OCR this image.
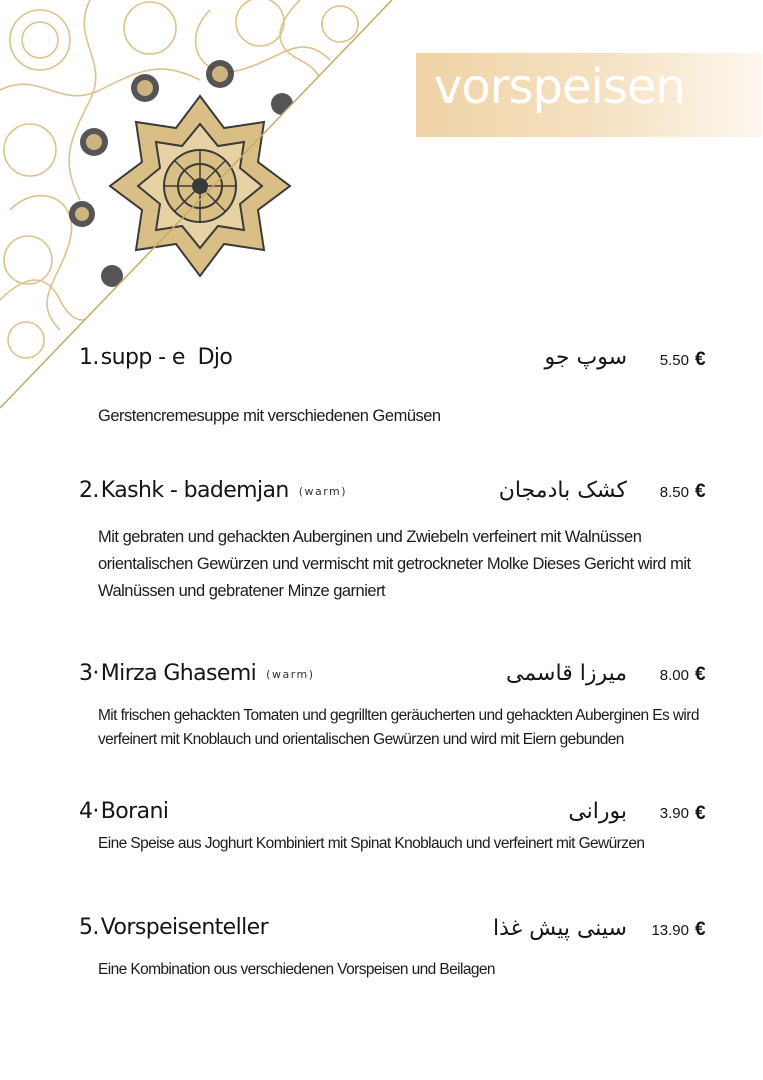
vorspeisen
1.supp - e  Djo	سوپ جو 5.50 €
Gerstencremesuppe mit verschiedenen Gemüsen
2.Kashk - bademjan (warm)	کشک بادمجان 8.50 €
Mit gebraten und gehackten Auberginen und Zwiebeln verfeinert mit Walnüssen orientalischen Gewürzen und vermischt mit getrockneter Molke Dieses Gericht wird mit Walnüssen und gebratener Minze garniert
3·Mirza Ghasemi (warm)	میرزا قاسمی 8.00 €
Mit frischen gehackten Tomaten und gegrillten geräucherten und gehackten Auberginen Es wird verfeinert mit Knoblauch und orientalischen Gewürzen und wird mit Eiern gebunden
4·Borani	بورانی 3.90 €
Eine Speise aus Joghurt Kombiniert mit Spinat Knoblauch und verfeinert mit Gewürzen
5.Vorspeisenteller	سینی پیش غذا 13.90 €
Eine Kombination ous verschiedenen Vorspeisen und Beilagen
